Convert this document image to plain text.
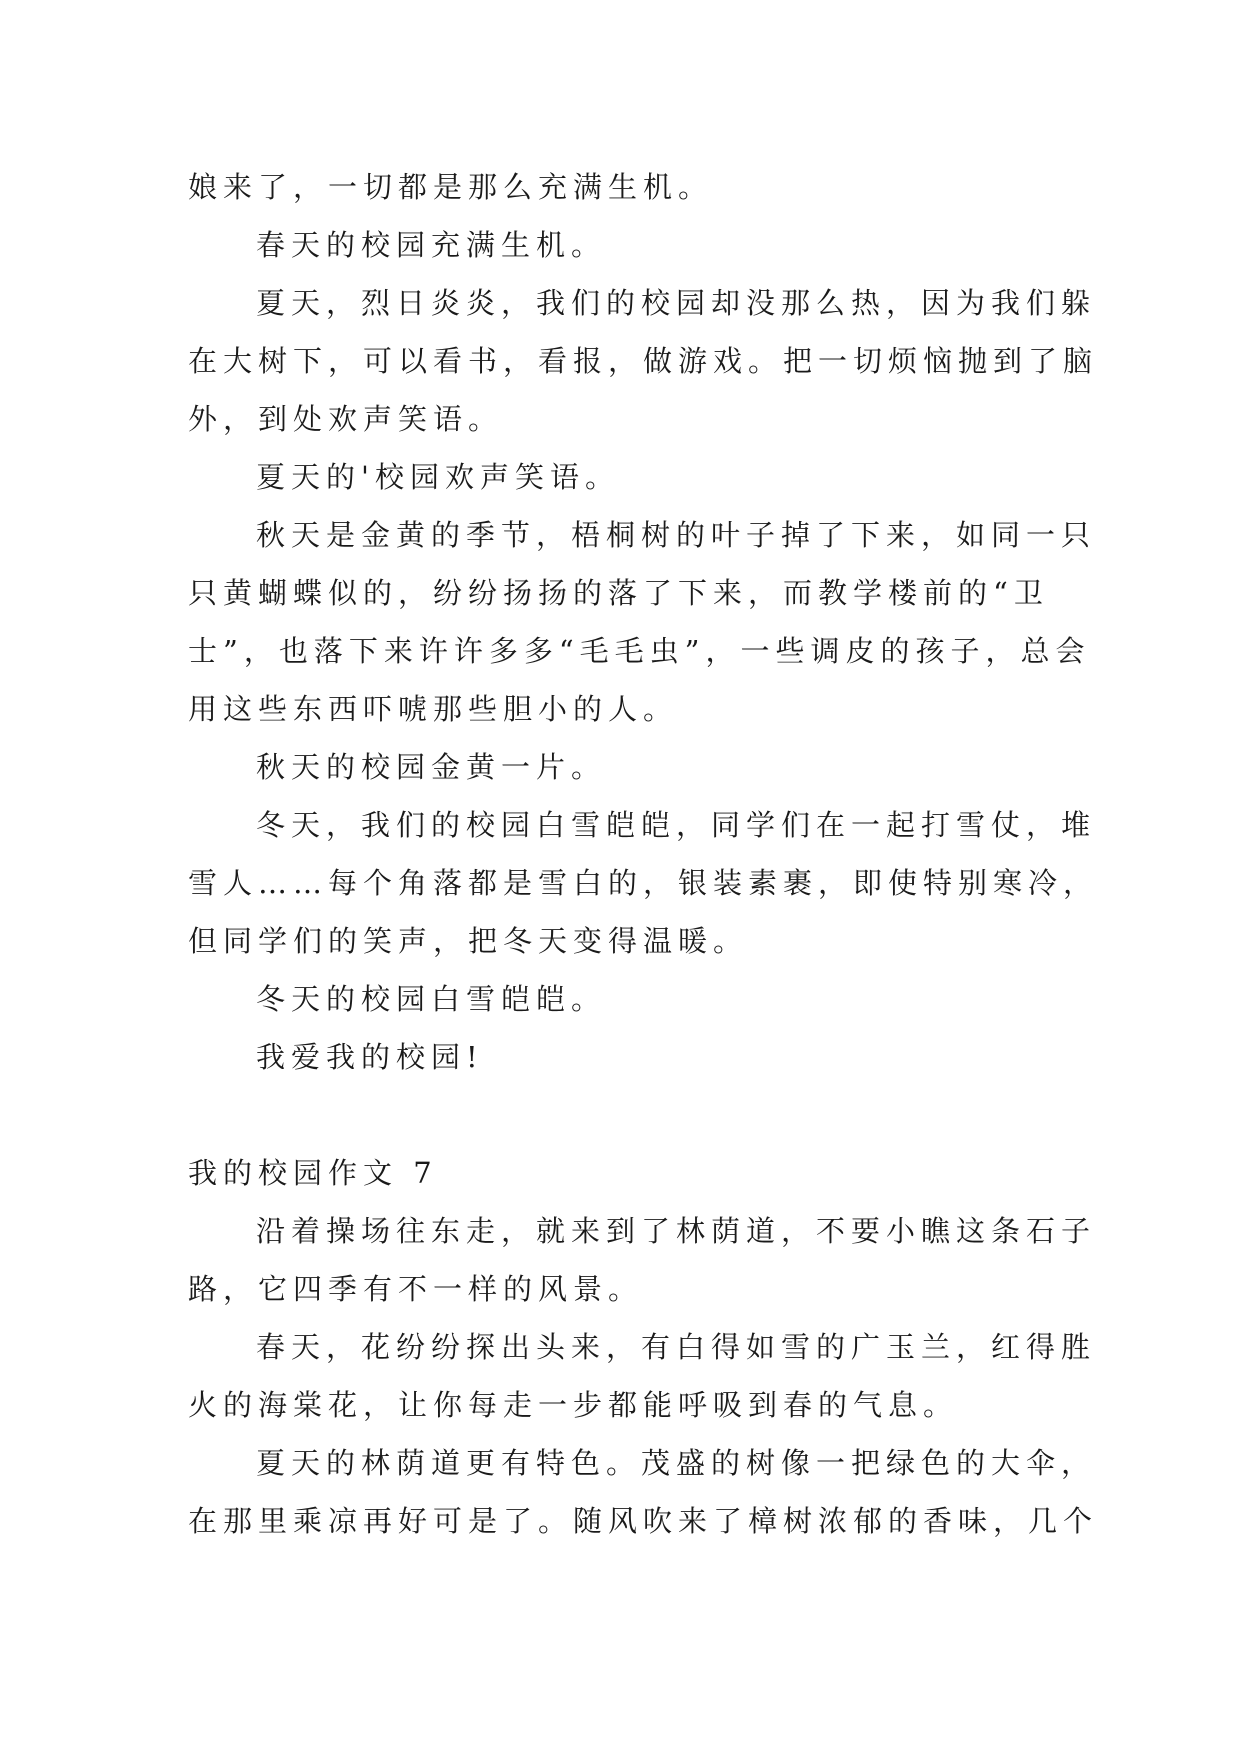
娘来了，一切都是那么充满生机。
春天的校园充满生机。
夏天，烈日炎炎，我们的校园却没那么热，因为我们躲
在大树下，可以看书，看报，做游戏。把一切烦恼抛到了脑
外，到处欢声笑语。
夏天的'校园欢声笑语。
秋天是金黄的季节，梧桐树的叶子掉了下来，如同一只
只黄蝴蝶似的，纷纷扬扬的落了下来，而教学楼前的“卫
士”，也落下来许许多多“毛毛虫”，一些调皮的孩子，总会
用这些东西吓唬那些胆小的人。
秋天的校园金黄一片。
冬天，我们的校园白雪皑皑，同学们在一起打雪仗，堆
雪人……每个角落都是雪白的，银装素裹，即使特别寒冷，
但同学们的笑声，把冬天变得温暖。
冬天的校园白雪皑皑。
我爱我的校园!
我的校园作文 7
沿着操场往东走，就来到了林荫道，不要小瞧这条石子
路，它四季有不一样的风景。
春天，花纷纷探出头来，有白得如雪的广玉兰，红得胜
火的海棠花，让你每走一步都能呼吸到春的气息。
夏天的林荫道更有特色。茂盛的树像一把绿色的大伞，
在那里乘凉再好可是了。随风吹来了樟树浓郁的香味，几个
